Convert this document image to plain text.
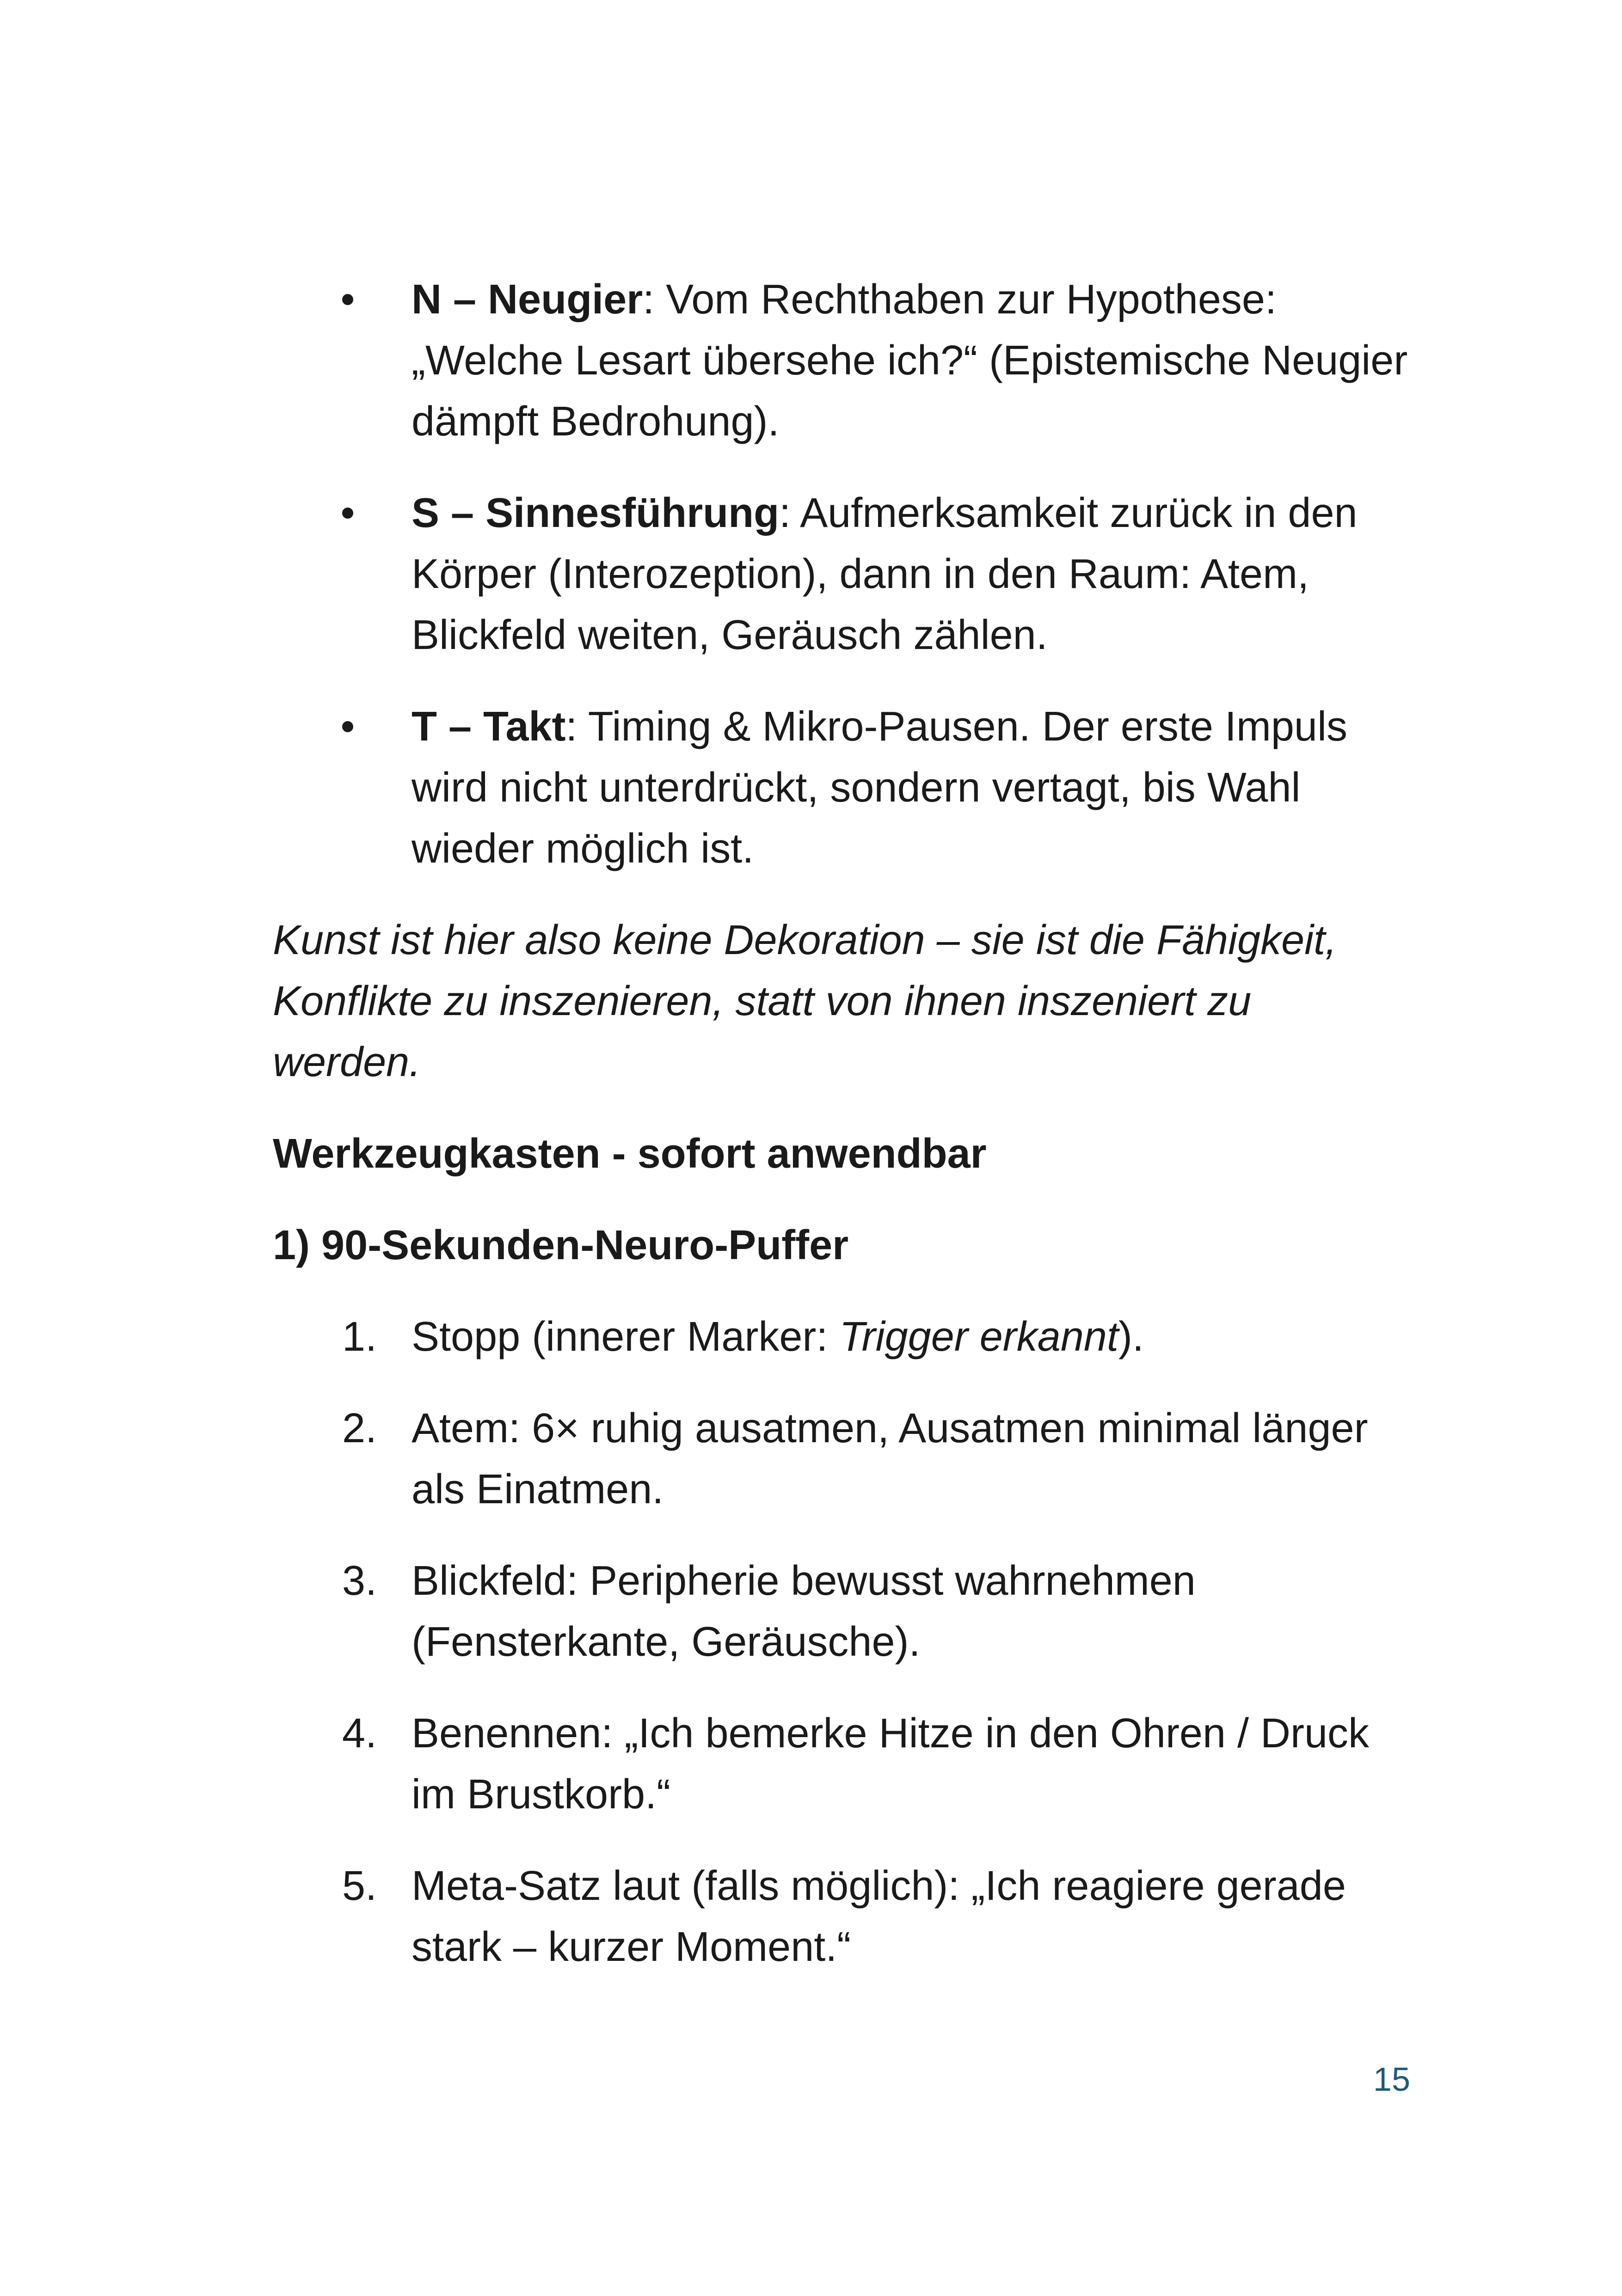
N – Neugier: Vom Rechthaben zur Hypothese: „Welche Lesart übersehe ich?“ (Epistemische Neugier dämpft Bedrohung).
S – Sinnesführung: Aufmerksamkeit zurück in den Körper (Interozeption), dann in den Raum: Atem, Blickfeld weiten, Geräusch zählen.
T – Takt: Timing & Mikro-Pausen. Der erste Impuls wird nicht unterdrückt, sondern vertagt, bis Wahl wieder möglich ist.

Kunst ist hier also keine Dekoration – sie ist die Fähigkeit, Konflikte zu inszenieren, statt von ihnen inszeniert zu werden.

Werkzeugkasten - sofort anwendbar

1) 90-Sekunden-Neuro-Puffer

1. Stopp (innerer Marker: Trigger erkannt).
2. Atem: 6× ruhig ausatmen, Ausatmen minimal länger als Einatmen.
3. Blickfeld: Peripherie bewusst wahrnehmen (Fensterkante, Geräusche).
4. Benennen: „Ich bemerke Hitze in den Ohren / Druck im Brustkorb.“
5. Meta-Satz laut (falls möglich): „Ich reagiere gerade stark – kurzer Moment.“
15
